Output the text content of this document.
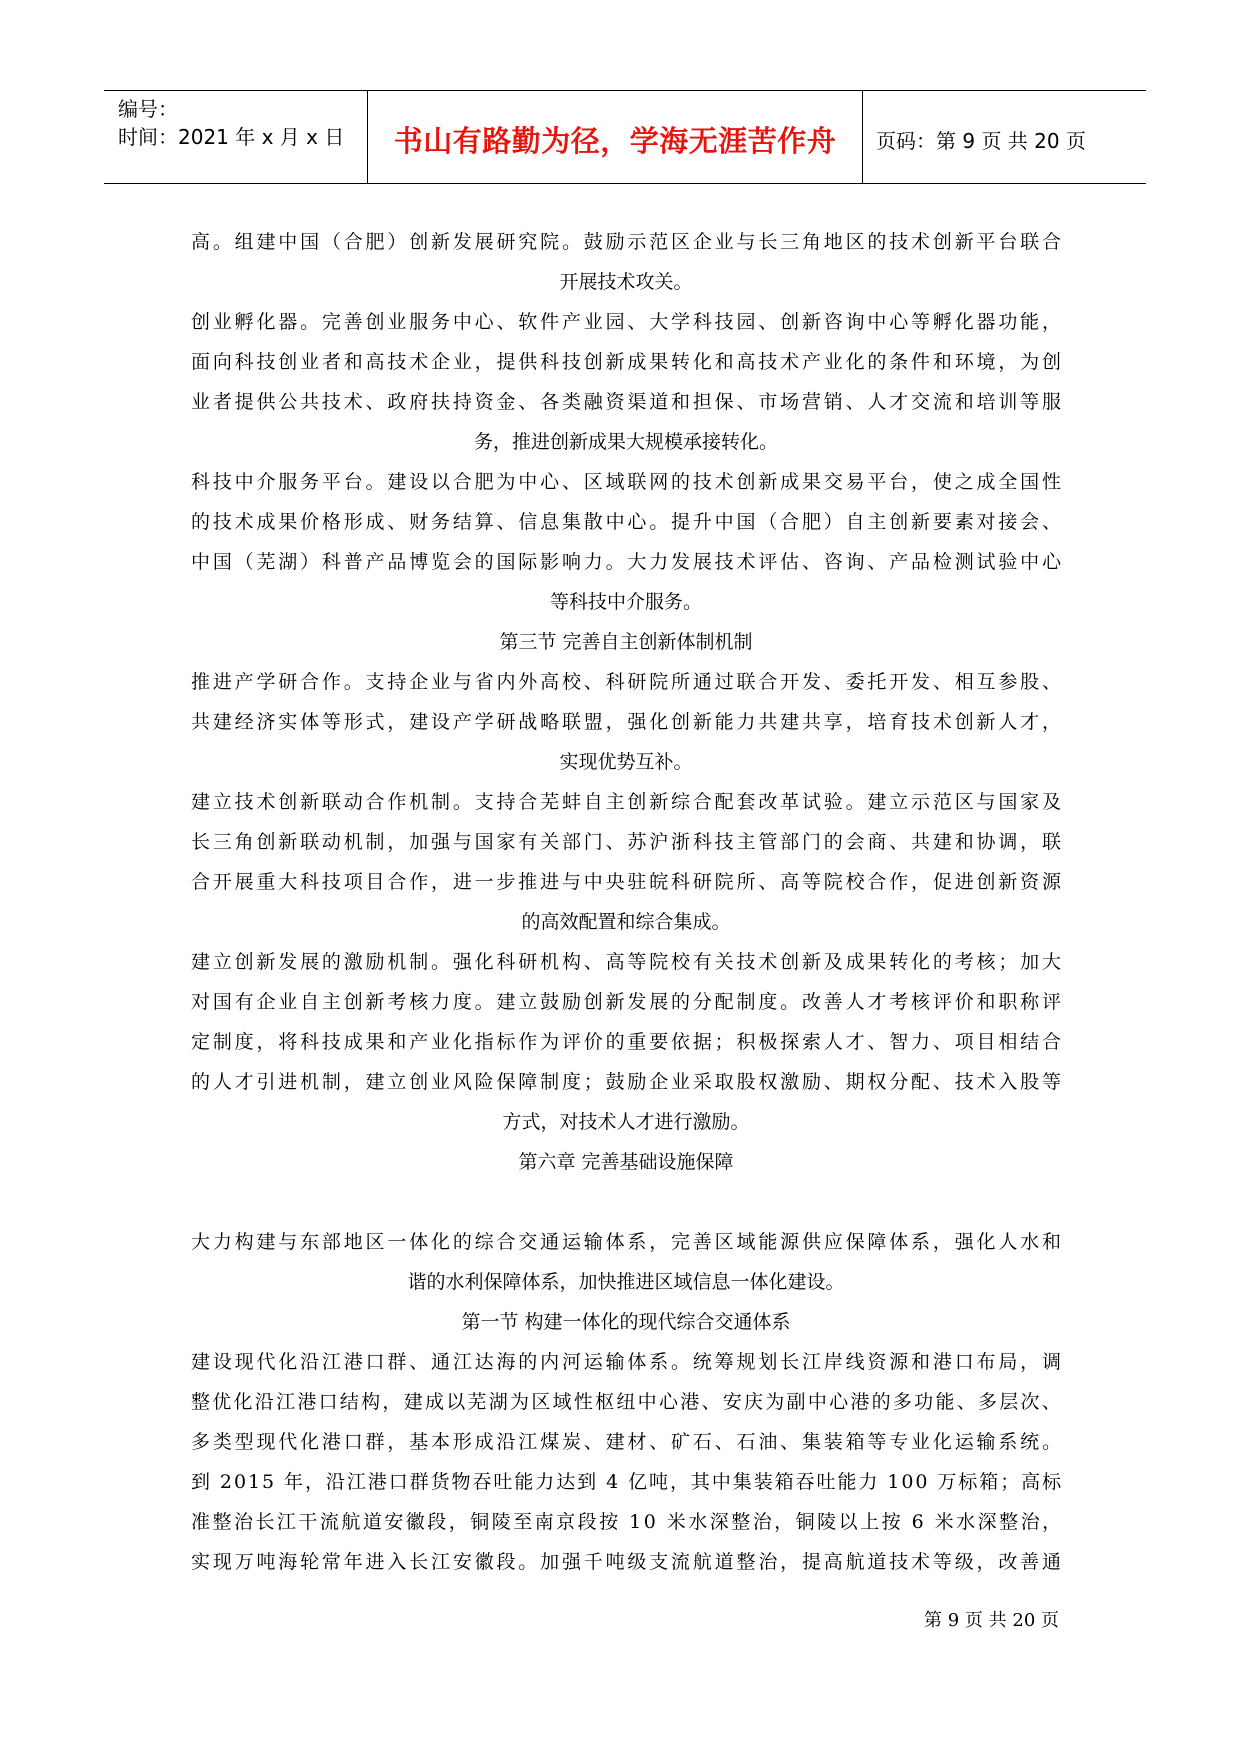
编号：
时间：2021 年 x 月 x 日	书山有路勤为径，学海无涯苦作舟	页码：第 9 页 共 20 页
高。组建中国（合肥）创新发展研究院。鼓励示范区企业与长三角地区的技术创新平台联合
开展技术攻关。
创业孵化器。完善创业服务中心、软件产业园、大学科技园、创新咨询中心等孵化器功能，
面向科技创业者和高技术企业，提供科技创新成果转化和高技术产业化的条件和环境，为创
业者提供公共技术、政府扶持资金、各类融资渠道和担保、市场营销、人才交流和培训等服
务，推进创新成果大规模承接转化。
科技中介服务平台。建设以合肥为中心、区域联网的技术创新成果交易平台，使之成全国性
的技术成果价格形成、财务结算、信息集散中心。提升中国（合肥）自主创新要素对接会、
中国（芜湖）科普产品博览会的国际影响力。大力发展技术评估、咨询、产品检测试验中心
等科技中介服务。
第三节 完善自主创新体制机制
推进产学研合作。支持企业与省内外高校、科研院所通过联合开发、委托开发、相互参股、
共建经济实体等形式，建设产学研战略联盟，强化创新能力共建共享，培育技术创新人才，
实现优势互补。
建立技术创新联动合作机制。支持合芜蚌自主创新综合配套改革试验。建立示范区与国家及
长三角创新联动机制，加强与国家有关部门、苏沪浙科技主管部门的会商、共建和协调，联
合开展重大科技项目合作，进一步推进与中央驻皖科研院所、高等院校合作，促进创新资源
的高效配置和综合集成。
建立创新发展的激励机制。强化科研机构、高等院校有关技术创新及成果转化的考核；加大
对国有企业自主创新考核力度。建立鼓励创新发展的分配制度。改善人才考核评价和职称评
定制度，将科技成果和产业化指标作为评价的重要依据；积极探索人才、智力、项目相结合
的人才引进机制，建立创业风险保障制度；鼓励企业采取股权激励、期权分配、技术入股等
方式，对技术人才进行激励。
第六章 完善基础设施保障
大力构建与东部地区一体化的综合交通运输体系，完善区域能源供应保障体系，强化人水和
谐的水利保障体系，加快推进区域信息一体化建设。
第一节 构建一体化的现代综合交通体系
建设现代化沿江港口群、通江达海的内河运输体系。统筹规划长江岸线资源和港口布局，调
整优化沿江港口结构，建成以芜湖为区域性枢纽中心港、安庆为副中心港的多功能、多层次、
多类型现代化港口群，基本形成沿江煤炭、建材、矿石、石油、集装箱等专业化运输系统。
到 2015 年，沿江港口群货物吞吐能力达到 4 亿吨，其中集装箱吞吐能力 100 万标箱；高标
准整治长江干流航道安徽段，铜陵至南京段按 10 米水深整治，铜陵以上按 6 米水深整治，
实现万吨海轮常年进入长江安徽段。加强千吨级支流航道整治，提高航道技术等级，改善通
第 9 页 共 20 页
